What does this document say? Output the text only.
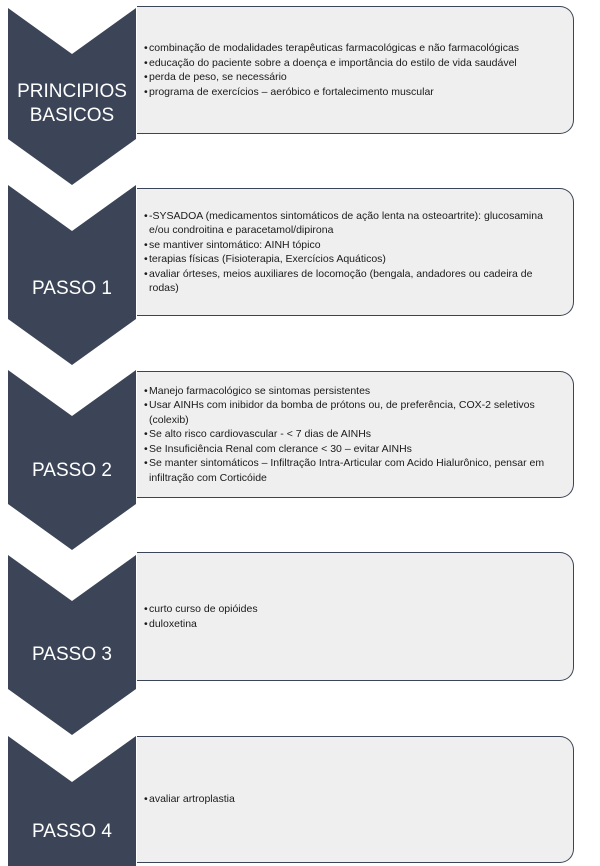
PRINCIPIOS
BASICOS
• combinação de modalidades terapêuticas farmacológicas e não farmacológicas
• educação do paciente sobre a doença e importância do estilo de vida saudável
• perda de peso, se necessário
• programa de exercícios – aeróbico e fortalecimento muscular
PASSO 1
• -SYSADOA (medicamentos sintomáticos de ação lenta na osteoartrite): glucosamina e/ou condroitina e paracetamol/dipirona
• se mantiver sintomático: AINH tópico
• terapias físicas (Fisioterapia, Exercícios Aquáticos)
• avaliar órteses, meios auxiliares de locomoção (bengala, andadores ou cadeira de rodas)
PASSO 2
• Manejo farmacológico se sintomas persistentes
• Usar AINHs com inibidor da bomba de prótons ou, de preferência, COX-2 seletivos (colexib)
• Se alto risco cardiovascular - < 7 dias de AINHs
• Se Insuficiência Renal com clerance < 30 – evitar AINHs
• Se manter sintomáticos – Infiltração Intra-Articular com Acido Hialurônico, pensar em infiltração com Corticóide
PASSO 3
• curto curso de opióides
• duloxetina
PASSO 4
• avaliar artroplastia
